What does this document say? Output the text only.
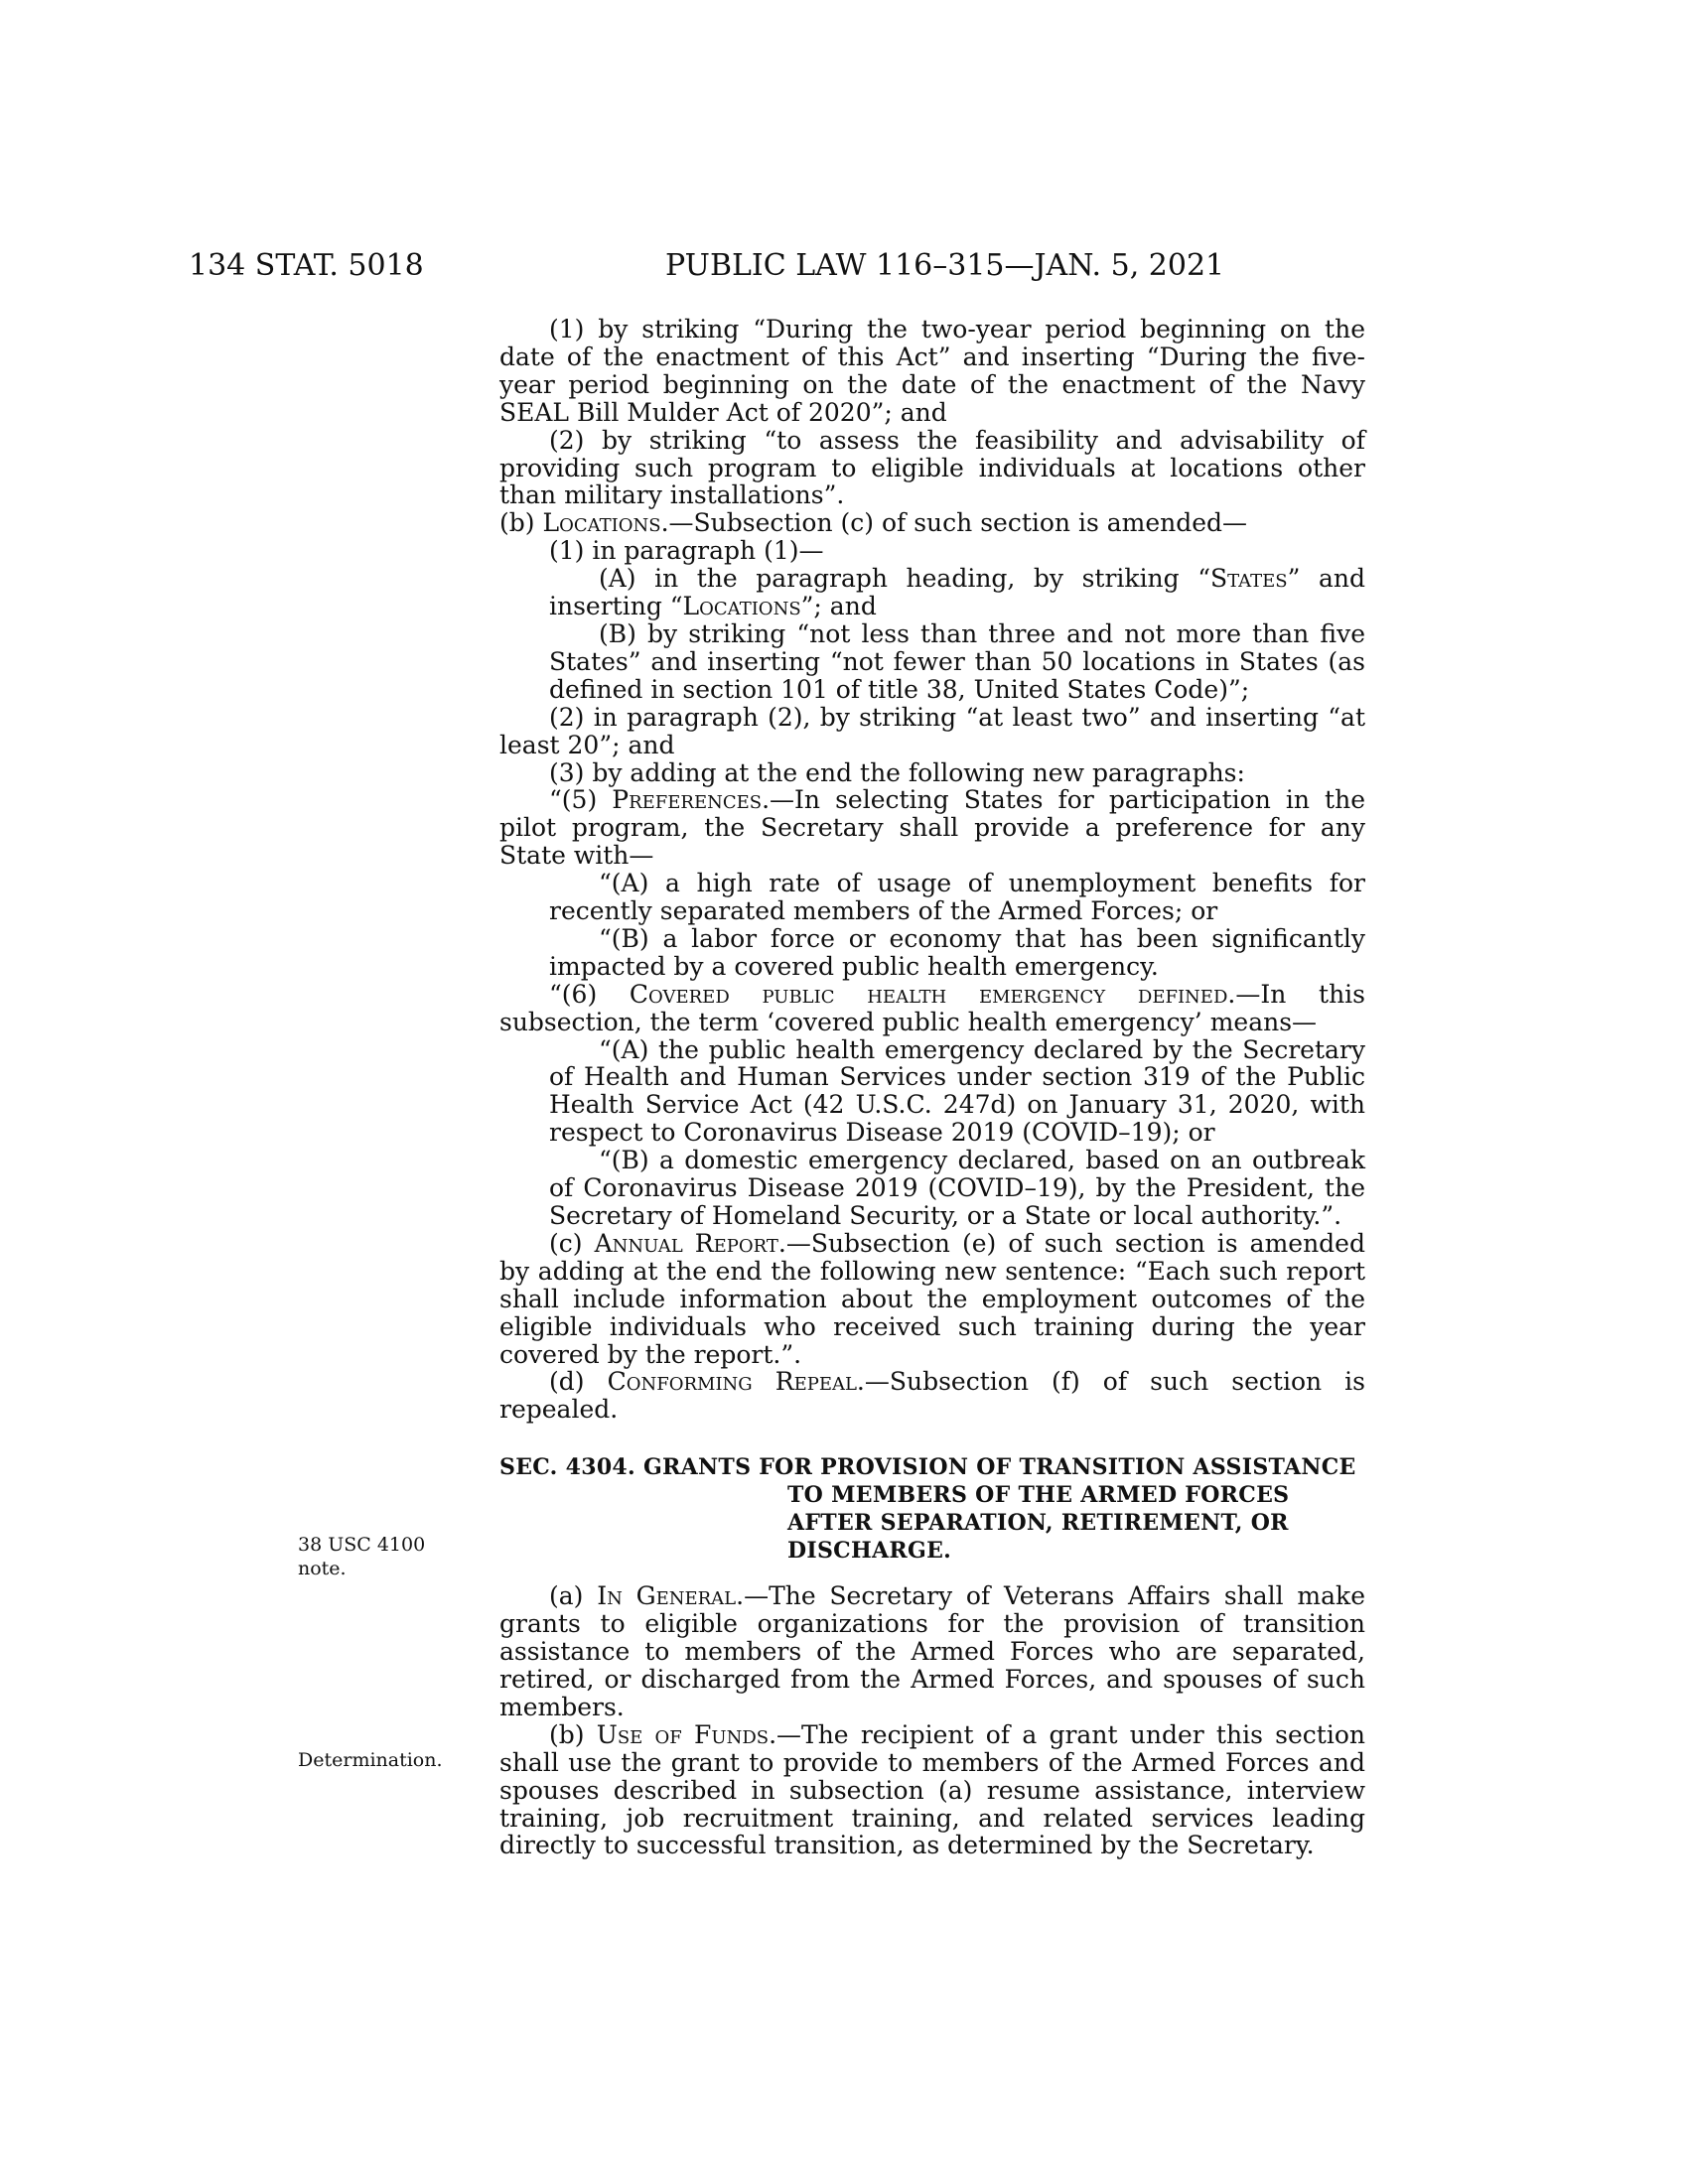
134 STAT. 5018	PUBLIC LAW 116–315—JAN. 5, 2021
38 USC 4100 note.
Determination.

(1) by striking “During the two-year period beginning on the date of the enactment of this Act” and inserting “During the five-year period beginning on the date of the enactment of the Navy SEAL Bill Mulder Act of 2020”; and

(2) by striking “to assess the feasibility and advisability of providing such program to eligible individuals at locations other than military installations”.

(b) Locations.—Subsection (c) of such section is amended—

(1) in paragraph (1)—

(A) in the paragraph heading, by striking “States” and inserting “Locations”; and

(B) by striking “not less than three and not more than five States” and inserting “not fewer than 50 locations in States (as defined in section 101 of title 38, United States Code)”;

(2) in paragraph (2), by striking “at least two” and inserting “at least 20”; and

(3) by adding at the end the following new paragraphs:

“(5) Preferences.—In selecting States for participation in the pilot program, the Secretary shall provide a preference for any State with—

“(A) a high rate of usage of unemployment benefits for recently separated members of the Armed Forces; or

“(B) a labor force or economy that has been significantly impacted by a covered public health emergency.

“(6) Covered public health emergency defined.—In this subsection, the term ‘covered public health emergency’ means—

“(A) the public health emergency declared by the Secretary of Health and Human Services under section 319 of the Public Health Service Act (42 U.S.C. 247d) on January 31, 2020, with respect to Coronavirus Disease 2019 (COVID–19); or

“(B) a domestic emergency declared, based on an outbreak of Coronavirus Disease 2019 (COVID–19), by the President, the Secretary of Homeland Security, or a State or local authority.”.

(c) Annual Report.—Subsection (e) of such section is amended by adding at the end the following new sentence: “Each such report shall include information about the employment outcomes of the eligible individuals who received such training during the year covered by the report.”.

(d) Conforming Repeal.—Subsection (f) of such section is repealed.

SEC. 4304. GRANTS FOR PROVISION OF TRANSITION ASSISTANCE TO MEMBERS OF THE ARMED FORCES AFTER SEPARATION, RETIREMENT, OR DISCHARGE.

(a) In General.—The Secretary of Veterans Affairs shall make grants to eligible organizations for the provision of transition assistance to members of the Armed Forces who are separated, retired, or discharged from the Armed Forces, and spouses of such members.

(b) Use of Funds.—The recipient of a grant under this section shall use the grant to provide to members of the Armed Forces and spouses described in subsection (a) resume assistance, interview training, job recruitment training, and related services leading directly to successful transition, as determined by the Secretary.
